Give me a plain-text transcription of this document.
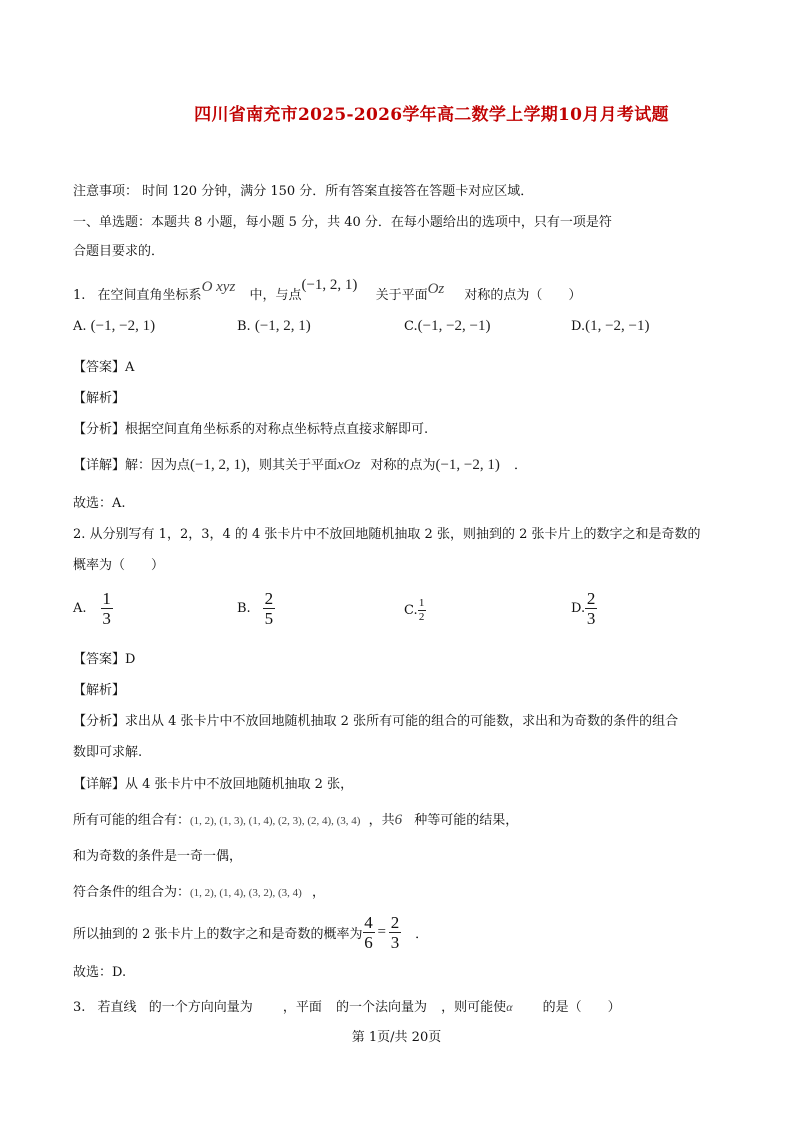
四川省南充市2025-2026学年高二数学上学期10月月考试题
注意事项： 时间 120 分钟，满分 150 分．所有答案直接答在答题卡对应区域．
一、单选题：本题共 8 小题，每小题 5 分，共 40 分．在每小题给出的选项中，只有一项是符
合题目要求的．
1. 在空间直角坐标系O xyz 中，与点(−1, 2, 1) 关于平面Oz 对称的点为（　　）
A. (−1, −2, 1)	B. (−1, 2, 1)	C.(−1, −2, −1)	D.(1, −2, −1)
【答案】A
【解析】
【分析】根据空间直角坐标系的对称点坐标特点直接求解即可.
【详解】解：因为点(−1, 2, 1)，则其关于平面xOz 对称的点为(−1, −2, 1) ．
故选：A.
2. 从分别写有 1，2，3，4 的 4 张卡片中不放回地随机抽取 2 张，则抽到的 2 张卡片上的数字之和是奇数的
概率为（　　）
A. $\frac{1}{3}$	B. $\frac{2}{5}$	C. $\frac{1}{2}$	D. $\frac{2}{3}$
【答案】D
【解析】
【分析】求出从 4 张卡片中不放回地随机抽取 2 张所有可能的组合的可能数，求出和为奇数的条件的组合
数即可求解.
【详解】从 4 张卡片中不放回地随机抽取 2 张，
所有可能的组合有：(1, 2), (1, 3), (1, 4), (2, 3), (2, 4), (3, 4) ，共6 种等可能的结果，
和为奇数的条件是一奇一偶，
符合条件的组合为：(1, 2), (1, 4), (3, 2), (3, 4) ，
所以抽到的 2 张卡片上的数字之和是奇数的概率为 $\frac{4}{6} = \frac{2}{3}$ ．
故选：D.
3. 若直线 的一个方向向量为 ，平面 的一个法向量为 ，则可能使α 的是（　　）
第 1页/共 20页
